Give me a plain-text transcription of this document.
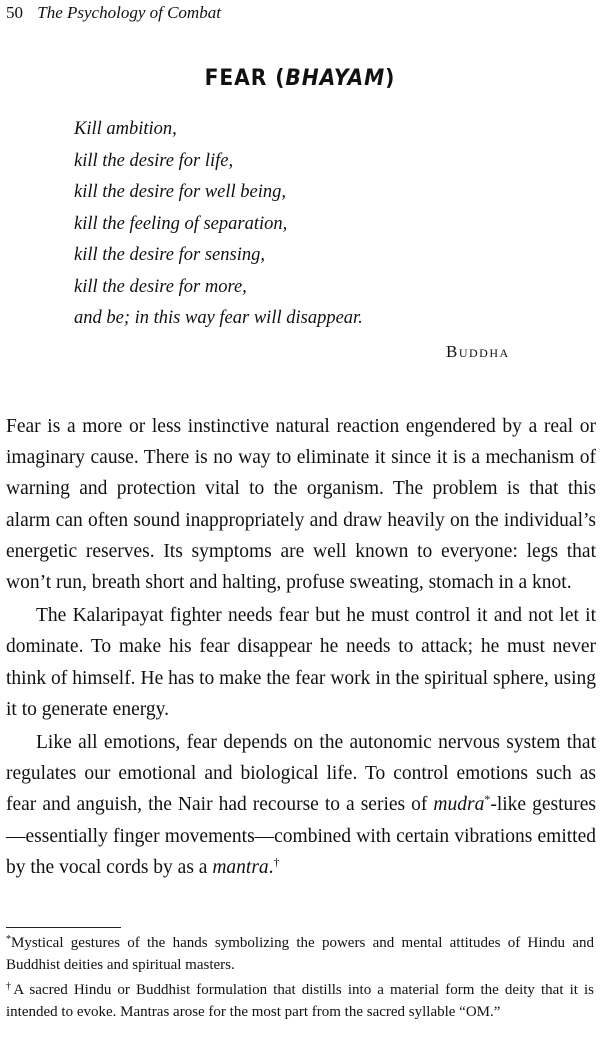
50 The Psychology of Combat
FEAR (BHAYAM)
Kill ambition,
kill the desire for life,
kill the desire for well being,
kill the feeling of separation,
kill the desire for sensing,
kill the desire for more,
and be; in this way fear will disappear.
Buddha

Fear is a more or less instinctive natural reaction engendered by a real or imaginary cause. There is no way to eliminate it since it is a mechanism of warning and protection vital to the organism. The problem is that this alarm can often sound inappropriately and draw heavily on the individual’s energetic reserves. Its symptoms are well known to everyone: legs that won’t run, breath short and halting, profuse sweating, stomach in a knot.

The Kalaripayat fighter needs fear but he must control it and not let it dominate. To make his fear disappear he needs to attack; he must never think of himself. He has to make the fear work in the spiritual sphere, using it to generate energy.

Like all emotions, fear depends on the autonomic nervous system that regulates our emotional and biological life. To control emotions such as fear and anguish, the Nair had recourse to a series of mudra*-like gestures—essentially finger movements—combined with certain vibrations emitted by the vocal cords by as a mantra.†

*Mystical gestures of the hands symbolizing the powers and mental attitudes of Hindu and Buddhist deities and spiritual masters.

†A sacred Hindu or Buddhist formulation that distills into a material form the deity that it is intended to evoke. Mantras arose for the most part from the sacred syllable “OM.”
